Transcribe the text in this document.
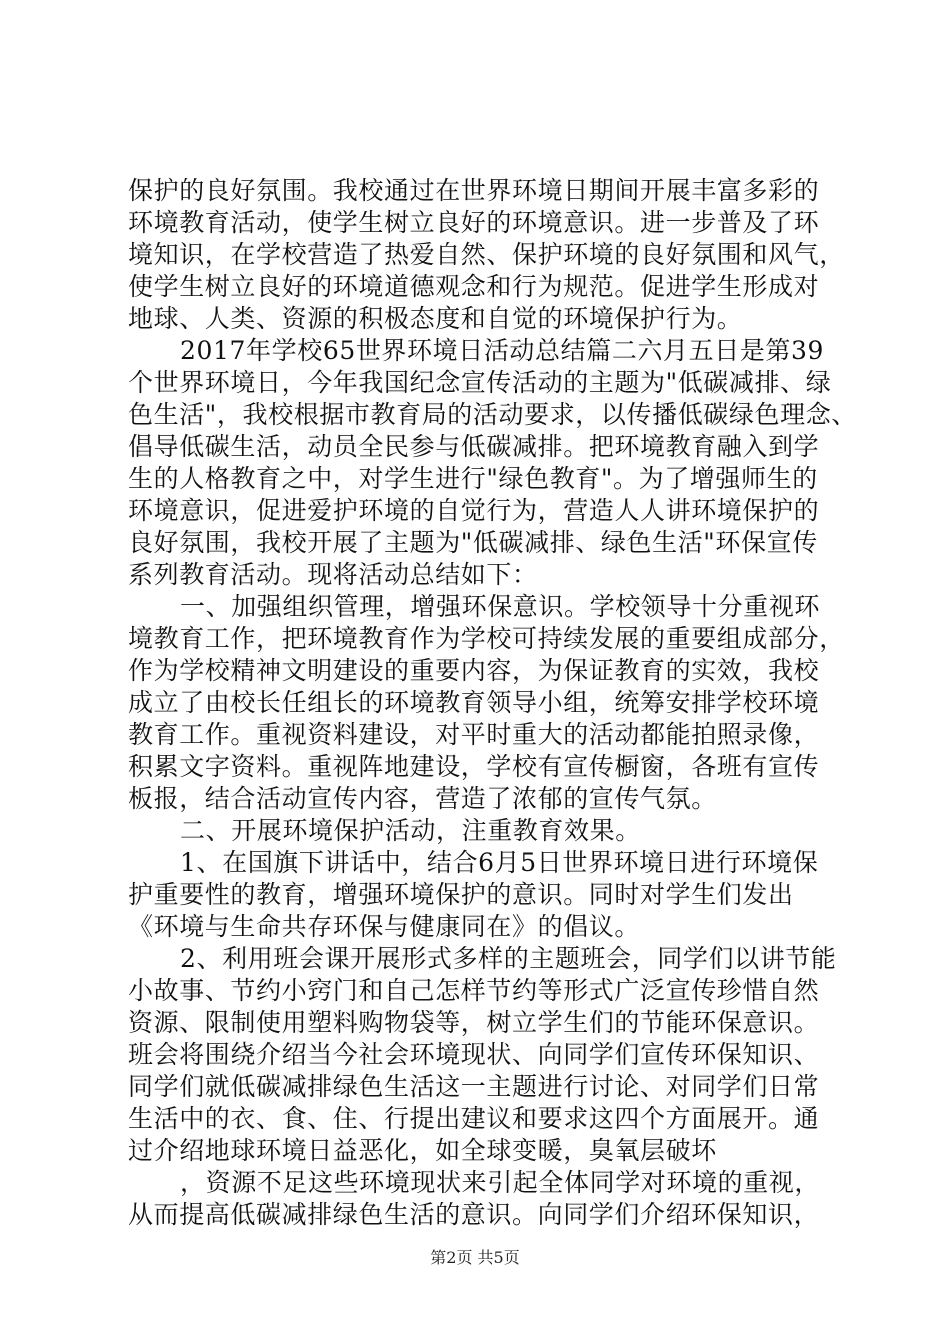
保护的良好氛围。我校通过在世界环境日期间开展丰富多彩的
环境教育活动，使学生树立良好的环境意识。进一步普及了环
境知识，在学校营造了热爱自然、保护环境的良好氛围和风气，
使学生树立良好的环境道德观念和行为规范。促进学生形成对
地球、人类、资源的积极态度和自觉的环境保护行为。
2017年学校65世界环境日活动总结篇二六月五日是第39
个世界环境日，今年我国纪念宣传活动的主题为"低碳减排、绿
色生活"，我校根据市教育局的活动要求，以传播低碳绿色理念、
倡导低碳生活，动员全民参与低碳减排。把环境教育融入到学
生的人格教育之中，对学生进行"绿色教育"。为了增强师生的
环境意识，促进爱护环境的自觉行为，营造人人讲环境保护的
良好氛围，我校开展了主题为"低碳减排、绿色生活"环保宣传
系列教育活动。现将活动总结如下：
一、加强组织管理，增强环保意识。学校领导十分重视环
境教育工作，把环境教育作为学校可持续发展的重要组成部分，
作为学校精神文明建设的重要内容，为保证教育的实效，我校
成立了由校长任组长的环境教育领导小组，统筹安排学校环境
教育工作。重视资料建设，对平时重大的活动都能拍照录像，
积累文字资料。重视阵地建设，学校有宣传橱窗，各班有宣传
板报，结合活动宣传内容，营造了浓郁的宣传气氛。
二、开展环境保护活动，注重教育效果。
1、在国旗下讲话中，结合6月5日世界环境日进行环境保
护重要性的教育，增强环境保护的意识。同时对学生们发出
《环境与生命共存环保与健康同在》的倡议。
2、利用班会课开展形式多样的主题班会，同学们以讲节能
小故事、节约小窍门和自己怎样节约等形式广泛宣传珍惜自然
资源、限制使用塑料购物袋等，树立学生们的节能环保意识。
班会将围绕介绍当今社会环境现状、向同学们宣传环保知识、
同学们就低碳减排绿色生活这一主题进行讨论、对同学们日常
生活中的衣、食、住、行提出建议和要求这四个方面展开。通
过介绍地球环境日益恶化，如全球变暖，臭氧层破坏
，资源不足这些环境现状来引起全体同学对环境的重视，
从而提高低碳减排绿色生活的意识。向同学们介绍环保知识，
第2页 共5页
